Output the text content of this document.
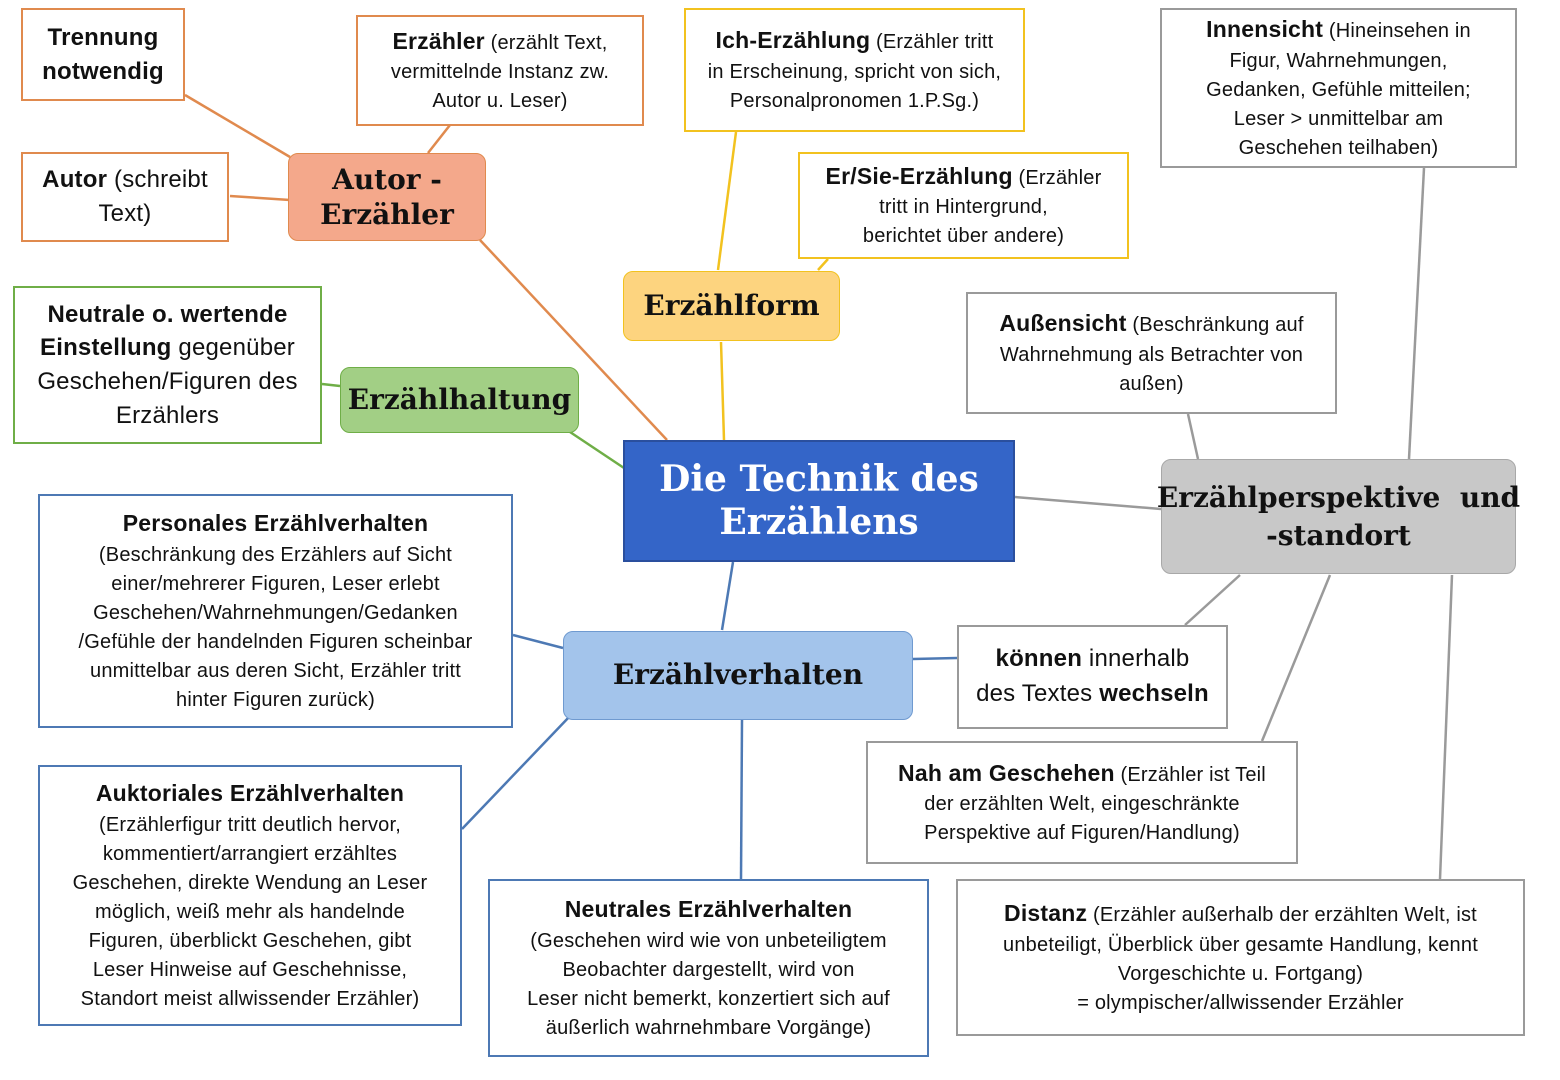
Die Technik des
Erzählens
Autor -
Erzähler
Erzählform
Erzählhaltung
Erzählperspektive  und
-standort
Erzählverhalten
Trennung
notwendig
Autor (schreibt
Text)
Erzähler (erzählt Text,
vermittelnde Instanz zw.
Autor u. Leser)
Ich-Erzählung (Erzähler tritt
in Erscheinung, spricht von sich,
Personalpronomen 1.P.Sg.)
Er/Sie-Erzählung (Erzähler
tritt in Hintergrund,
berichtet über andere)
Innensicht (Hineinsehen in
Figur, Wahrnehmungen,
Gedanken, Gefühle mitteilen;
Leser > unmittelbar am
Geschehen teilhaben)
Außensicht (Beschränkung auf
Wahrnehmung als Betrachter von
außen)
können innerhalb
des Textes wechseln
Nah am Geschehen (Erzähler ist Teil
der erzählten Welt, eingeschränkte
Perspektive auf Figuren/Handlung)
Distanz (Erzähler außerhalb der erzählten Welt, ist
unbeteiligt, Überblick über gesamte Handlung, kennt
Vorgeschichte u. Fortgang)
= olympischer/allwissender Erzähler
Neutrale o. wertende
Einstellung gegenüber
Geschehen/Figuren des
Erzählers
Personales Erzählverhalten
(Beschränkung des Erzählers auf Sicht
einer/mehrerer Figuren, Leser erlebt
Geschehen/Wahrnehmungen/Gedanken
/Gefühle der handelnden Figuren scheinbar
unmittelbar aus deren Sicht, Erzähler tritt
hinter Figuren zurück)
Auktoriales Erzählverhalten
(Erzählerfigur tritt deutlich hervor,
kommentiert/arrangiert erzähltes
Geschehen, direkte Wendung an Leser
möglich, weiß mehr als handelnde
Figuren, überblickt Geschehen, gibt
Leser Hinweise auf Geschehnisse,
Standort meist allwissender Erzähler)
Neutrales Erzählverhalten
(Geschehen wird wie von unbeteiligtem
Beobachter dargestellt, wird von
Leser nicht bemerkt, konzertiert sich auf
äußerlich wahrnehmbare Vorgänge)
